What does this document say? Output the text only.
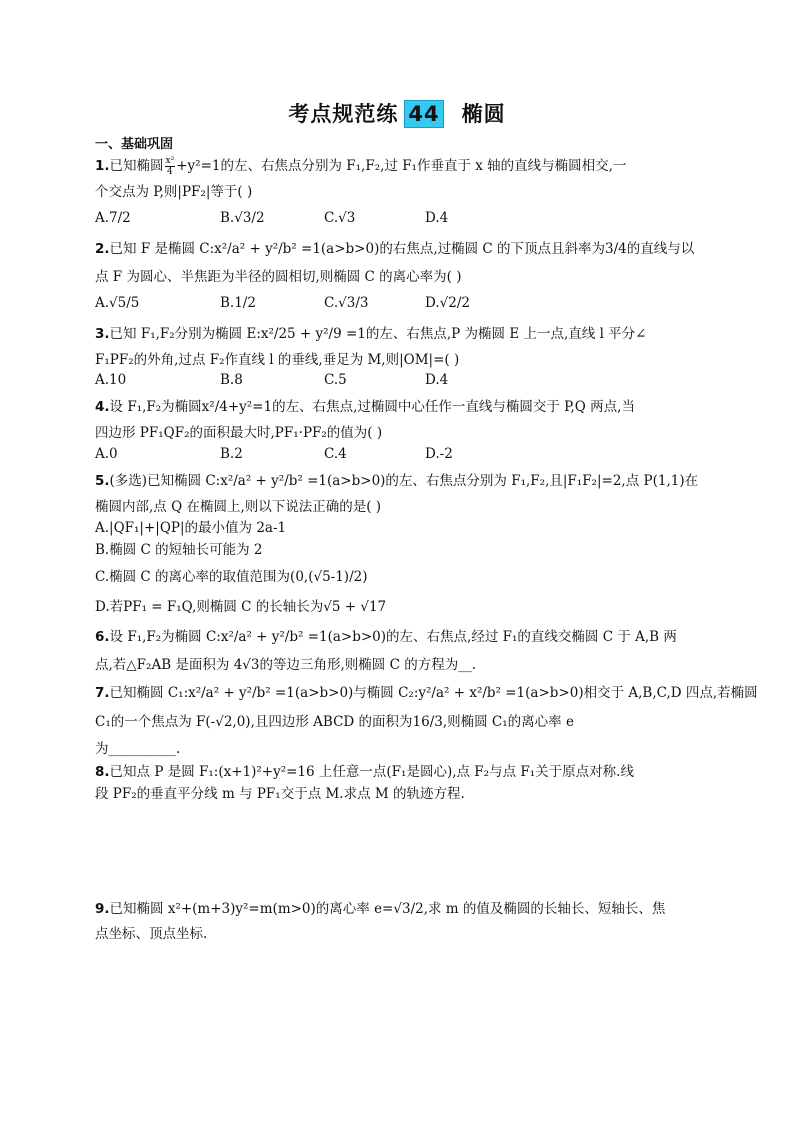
考点规范练 44 椭圆
一、基础巩固
1.已知椭圆 $\frac{\text{x²}}{4} +y^2=1$的左、右焦点分别为 F₁,F₂,过 F₁作垂直于 x 轴的直线与椭圆相交,一
个交点为 P,则|PF₂|等于( )
A.7/2	B.√3/2	C.√3	D.4
2.已知 F 是椭圆 C:x²/a² + y²/b² =1(a>b>0)的右焦点,过椭圆 C 的下顶点且斜率为3/4的直线与以
点 F 为圆心、半焦距为半径的圆相切,则椭圆 C 的离心率为( )
A.√5/5	B.1/2	C.√3/3	D.√2/2
3.已知 F₁,F₂分别为椭圆 E:x²/25 + y²/9 =1的左、右焦点,P 为椭圆 E 上一点,直线 l 平分∠
F₁PF₂的外角,过点 F₂作直线 l 的垂线,垂足为 M,则|OM|=( )
A.10	B.8	C.5	D.4
4.设 F₁,F₂为椭圆x²/4+y²=1的左、右焦点,过椭圆中心任作一直线与椭圆交于 P,Q 两点,当
四边形 PF₁QF₂的面积最大时,PF₁·PF₂的值为( )
A.0	B.2	C.4	D.-2
5.(多选)已知椭圆 C:x²/a² + y²/b² =1(a>b>0)的左、右焦点分别为 F₁,F₂,且|F₁F₂|=2,点 P(1,1)在
椭圆内部,点 Q 在椭圆上,则以下说法正确的是( )
A.|QF₁|+|QP|的最小值为 2a-1
B.椭圆 C 的短轴长可能为 2
C.椭圆 C 的离心率的取值范围为(0,(√5-1)/2)
D.若PF₁ = F₁Q,则椭圆 C 的长轴长为√5 + √17
6.设 F₁,F₂为椭圆 C:x²/a² + y²/b² =1(a>b>0)的左、右焦点,经过 F₁的直线交椭圆 C 于 A,B 两
点,若△F₂AB 是面积为 4√3的等边三角形,则椭圆 C 的方程为__.
7.已知椭圆 C₁:x²/a² + y²/b² =1(a>b>0)与椭圆 C₂:y²/a² + x²/b² =1(a>b>0)相交于 A,B,C,D 四点,若椭圆
C₁的一个焦点为 F(-√2,0),且四边形 ABCD 的面积为16/3,则椭圆 C₁的离心率 e
为__________.
8.已知点 P 是圆 F₁:(x+1)²+y²=16 上任意一点(F₁是圆心),点 F₂与点 F₁关于原点对称.线
段 PF₂的垂直平分线 m 与 PF₁交于点 M.求点 M 的轨迹方程.
9.已知椭圆 x²+(m+3)y²=m(m>0)的离心率 e=√3/2,求 m 的值及椭圆的长轴长、短轴长、焦
点坐标、顶点坐标.
